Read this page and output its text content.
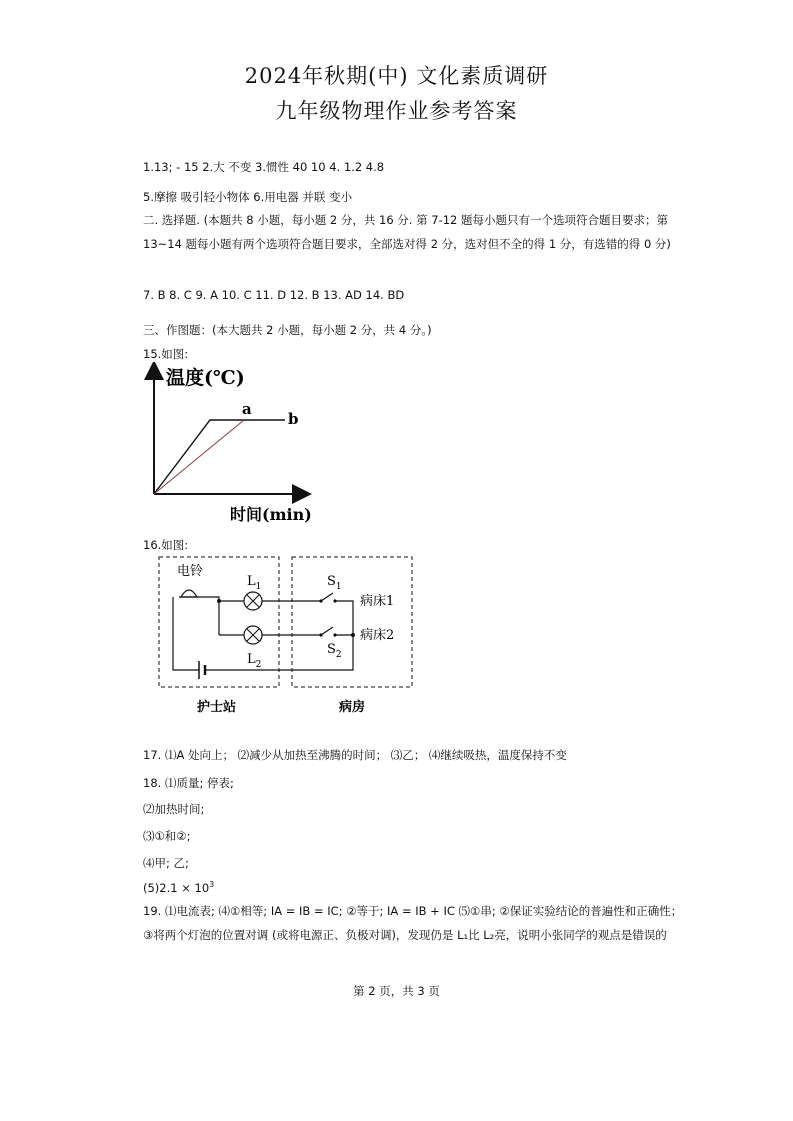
2024年秋期(中) 文化素质调研
九年级物理作业参考答案
1.13; - 15 2.大 不变 3.惯性 40 10 4. 1.2 4.8
5.摩擦 吸引轻小物体 6.用电器 并联 变小
二. 选择题. (本题共 8 小题，每小题 2 分，共 16 分. 第 7-12 题每小题只有一个选项符合题目要求；第 13~14 题每小题有两个选项符合题目要求，全部选对得 2 分，选对但不全的得 1 分，有选错的得 0 分)
7. B 8. C 9. A 10. C 11. D 12. B 13. AD 14. BD
三、作图题：(本大题共 2 小题，每小题 2 分，共 4 分。)
15.如图:
温度(℃)
时间(min)
a
b
16.如图:
电铃
$L_1$	$S_1$
$L_2$
$S_2$
病床1
病床2
护士站	病房
17. ⑴A 处向上； ⑵减少从加热至沸腾的时间； ⑶乙； ⑷继续吸热，温度保持不变
18. ⑴质量; 停表;
⑵加热时间;
⑶①和②;
⑷甲; 乙;
$(5)2.1 \times 10^3$
19. ⑴电流表; ⑷①相等; IA = IB = IC; ②等于; IA = IB + IC ⑸①串; ②保证实验结论的普遍性和正确性； ③将两个灯泡的位置对调 (或将电源正、负极对调)，发现仍是 L₁比 L₂亮，说明小张同学的观点是错误的
第 2 页，共 3 页
